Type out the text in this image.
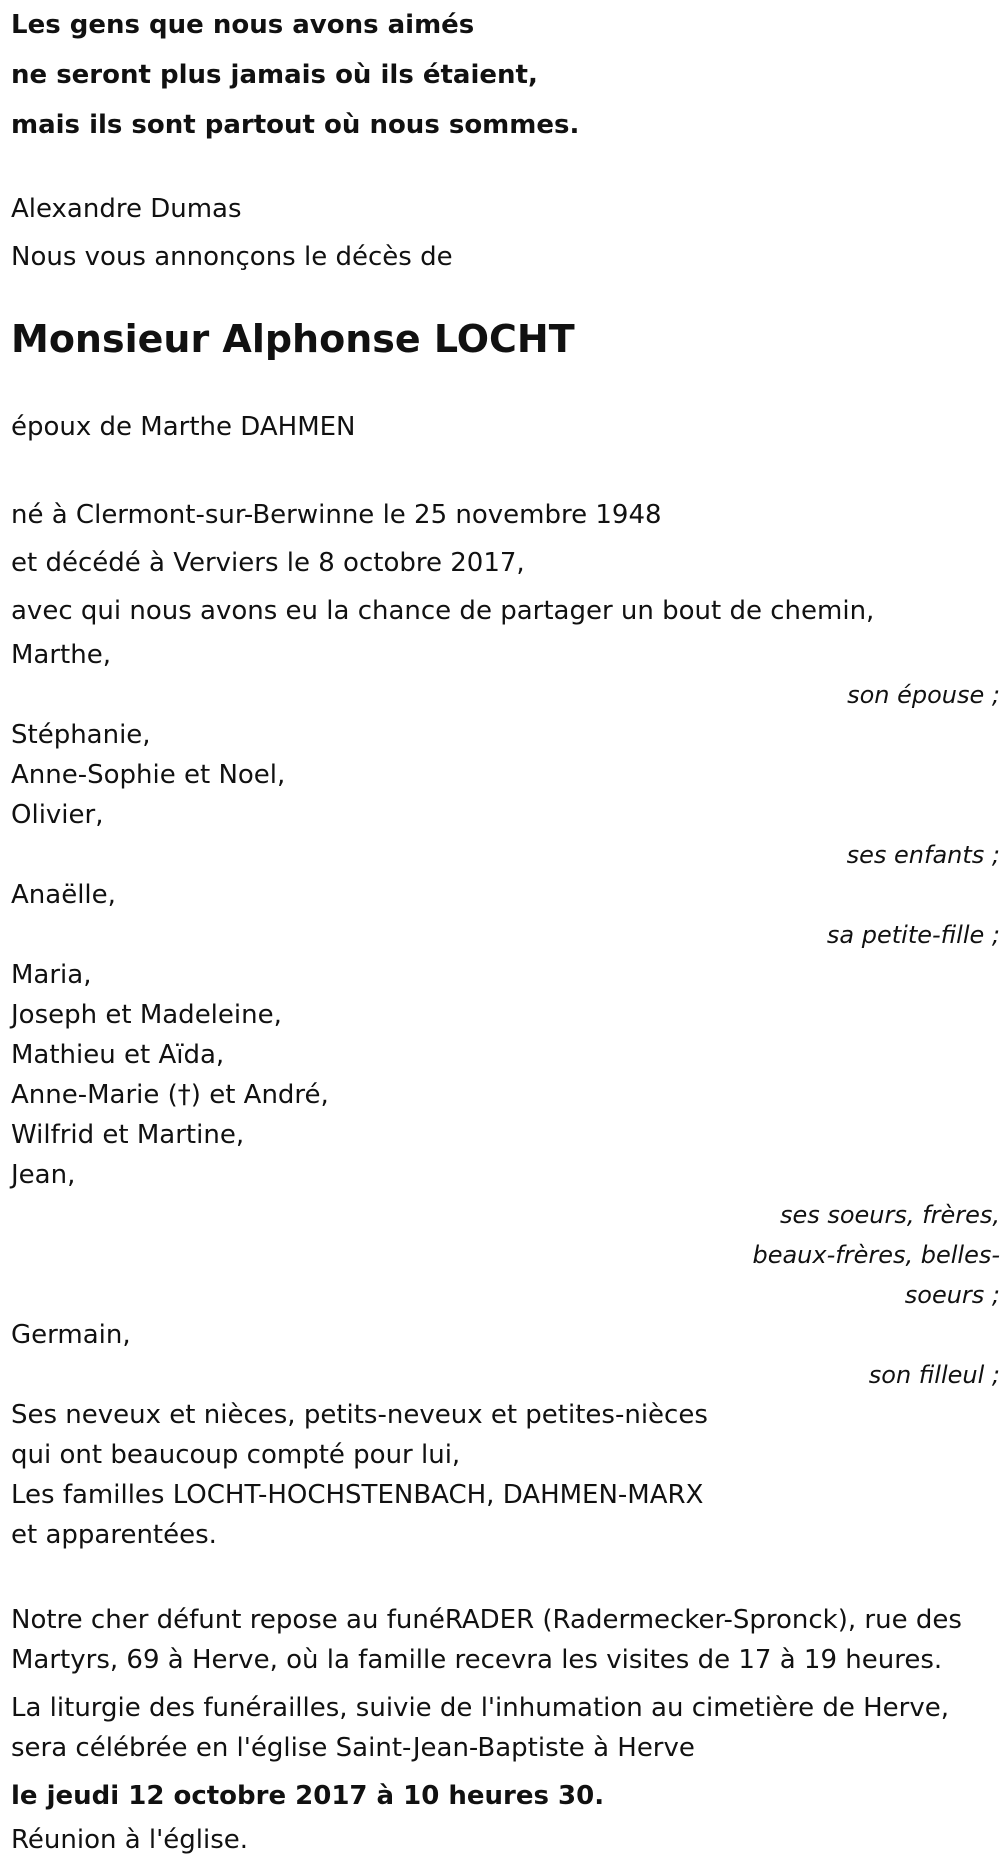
Les gens que nous avons aimés

ne seront plus jamais où ils étaient,

mais ils sont partout où nous sommes.

Alexandre Dumas

Nous vous annonçons le décès de

Monsieur Alphonse LOCHT

époux de Marthe DAHMEN

né à Clermont-sur-Berwinne le 25 novembre 1948

et décédé à Verviers le 8 octobre 2017,

avec qui nous avons eu la chance de partager un bout de chemin,

Marthe,
son épouse ;
Stéphanie,
Anne-Sophie et Noel,
Olivier,
ses enfants ;
Anaëlle,
sa petite-fille ;
Maria,
Joseph et Madeleine,
Mathieu et Aïda,
Anne-Marie (†) et André,
Wilfrid et Martine,
Jean,
ses soeurs, frères, beaux-frères, belles-soeurs ;
Germain,
son filleul ;
Ses neveux et nièces, petits-neveux et petites-nièces
qui ont beaucoup compté pour lui,
Les familles LOCHT-HOCHSTENBACH, DAHMEN-MARX
et apparentées.

Notre cher défunt repose au funéRADER (Radermecker-Spronck), rue des Martyrs, 69 à Herve, où la famille recevra les visites de 17 à 19 heures.

La liturgie des funérailles, suivie de l'inhumation au cimetière de Herve, sera célébrée en l'église Saint-Jean-Baptiste à Herve

le jeudi 12 octobre 2017 à 10 heures 30.

Réunion à l'église.
